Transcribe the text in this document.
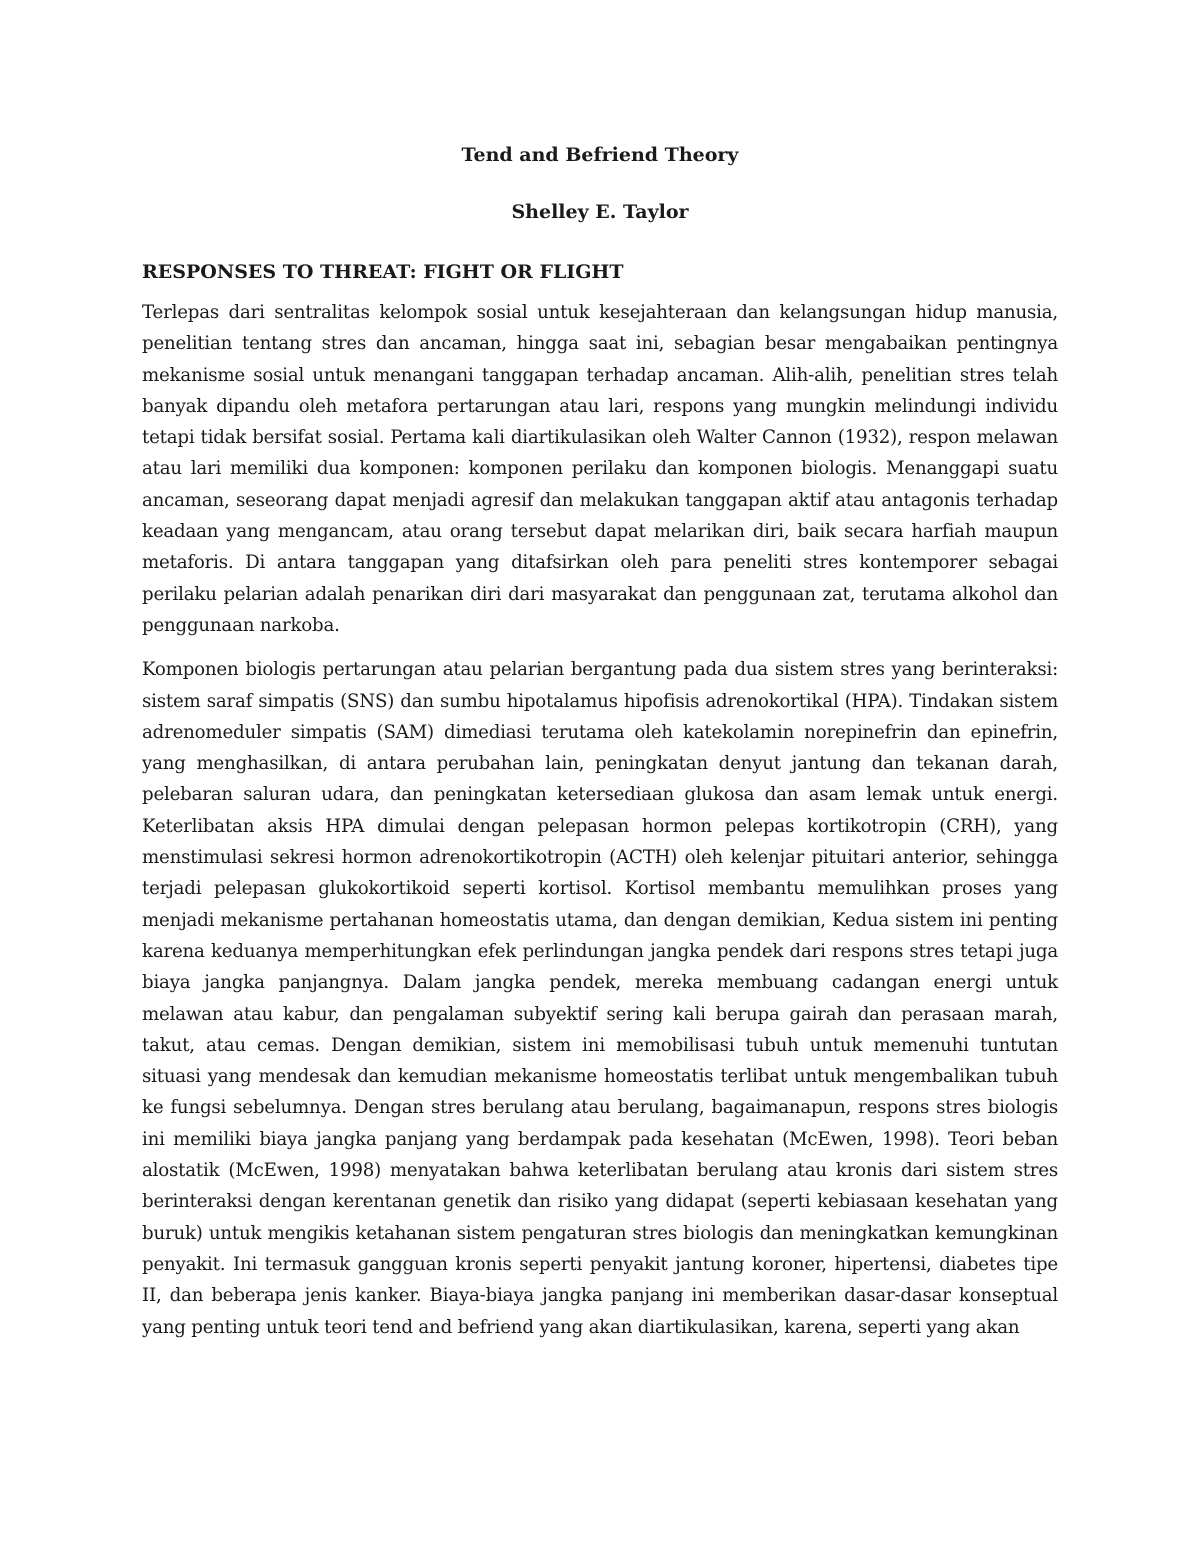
Tend and Befriend Theory
Shelley E. Taylor
RESPONSES TO THREAT: FIGHT OR FLIGHT

Terlepas dari sentralitas kelompok sosial untuk kesejahteraan dan kelangsungan hidup manusia, penelitian tentang stres dan ancaman, hingga saat ini, sebagian besar mengabaikan pentingnya mekanisme sosial untuk menangani tanggapan terhadap ancaman. Alih-alih, penelitian stres telah banyak dipandu oleh metafora pertarungan atau lari, respons yang mungkin melindungi individu tetapi tidak bersifat sosial. Pertama kali diartikulasikan oleh Walter Cannon (1932), respon melawan atau lari memiliki dua komponen: komponen perilaku dan komponen biologis. Menanggapi suatu ancaman, seseorang dapat menjadi agresif dan melakukan tanggapan aktif atau antagonis terhadap keadaan yang mengancam, atau orang tersebut dapat melarikan diri, baik secara harfiah maupun metaforis. Di antara tanggapan yang ditafsirkan oleh para peneliti stres kontemporer sebagai perilaku pelarian adalah penarikan diri dari masyarakat dan penggunaan zat, terutama alkohol dan penggunaan narkoba.

Komponen biologis pertarungan atau pelarian bergantung pada dua sistem stres yang berinteraksi: sistem saraf simpatis (SNS) dan sumbu hipotalamus hipofisis adrenokortikal (HPA). Tindakan sistem adrenomeduler simpatis (SAM) dimediasi terutama oleh katekolamin norepinefrin dan epinefrin, yang menghasilkan, di antara perubahan lain, peningkatan denyut jantung dan tekanan darah, pelebaran saluran udara, dan peningkatan ketersediaan glukosa dan asam lemak untuk energi. Keterlibatan aksis HPA dimulai dengan pelepasan hormon pelepas kortikotropin (CRH), yang menstimulasi sekresi hormon adrenokortikotropin (ACTH) oleh kelenjar pituitari anterior, sehingga terjadi pelepasan glukokortikoid seperti kortisol. Kortisol membantu memulihkan proses yang menjadi mekanisme pertahanan homeostatis utama, dan dengan demikian, Kedua sistem ini penting karena keduanya memperhitungkan efek perlindungan jangka pendek dari respons stres tetapi juga biaya jangka panjangnya. Dalam jangka pendek, mereka membuang cadangan energi untuk melawan atau kabur, dan pengalaman subyektif sering kali berupa gairah dan perasaan marah, takut, atau cemas. Dengan demikian, sistem ini memobilisasi tubuh untuk memenuhi tuntutan situasi yang mendesak dan kemudian mekanisme homeostatis terlibat untuk mengembalikan tubuh ke fungsi sebelumnya. Dengan stres berulang atau berulang, bagaimanapun, respons stres biologis ini memiliki biaya jangka panjang yang berdampak pada kesehatan (McEwen, 1998). Teori beban alostatik (McEwen, 1998) menyatakan bahwa keterlibatan berulang atau kronis dari sistem stres berinteraksi dengan kerentanan genetik dan risiko yang didapat (seperti kebiasaan kesehatan yang buruk) untuk mengikis ketahanan sistem pengaturan stres biologis dan meningkatkan kemungkinan penyakit. Ini termasuk gangguan kronis seperti penyakit jantung koroner, hipertensi, diabetes tipe II, dan beberapa jenis kanker. Biaya-biaya jangka panjang ini memberikan dasar-dasar konseptual yang penting untuk teori tend and befriend yang akan diartikulasikan, karena, seperti yang akan
